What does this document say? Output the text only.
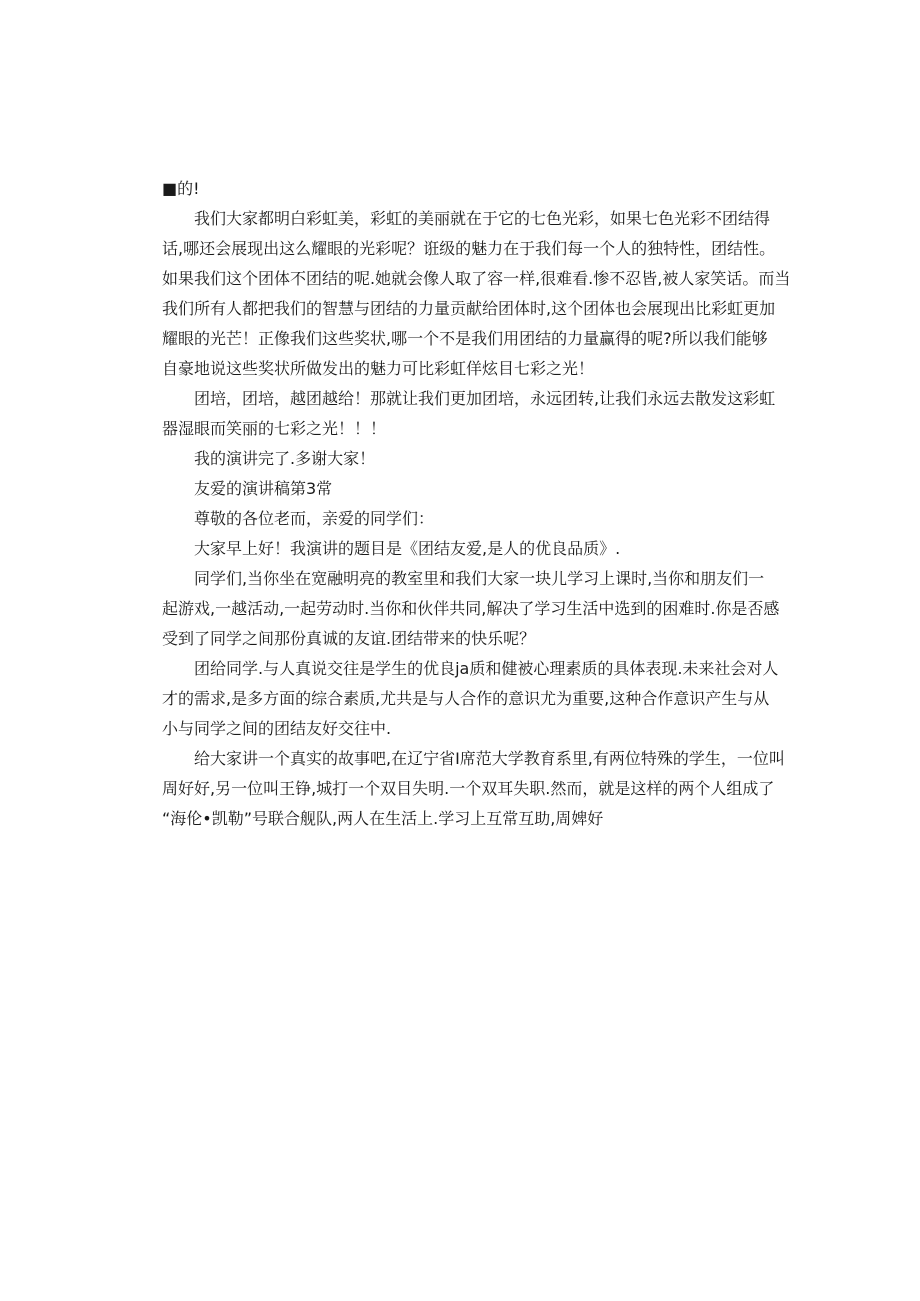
■的!

我们大家都明白彩虹美，彩虹的美丽就在于它的七色光彩，如果七色光彩不团结得

话,哪还会展现出这么耀眼的光彩呢？诳级的魅力在于我们每一个人的独特性，团结性。

如果我们这个团体不团结的呢.她就会像人取了容一样,很难看.惨不忍皆,被人家笑话。而当

我们所有人都把我们的智慧与团结的力量贡献给团体时,这个团体也会展现出比彩虹更加

耀眼的光芒！正像我们这些奖状,哪一个不是我们用团结的力量赢得的呢?所以我们能够

自豪地说这些奖状所做发出的魅力可比彩虹佯炫目七彩之光！

团培，团培，越团越给！那就让我们更加团培，永远团转,让我们永远去散发这彩虹

器湿眼而笑丽的七彩之光！！！

我的演讲完了.多谢大家！

友爱的演讲稿第3常

尊敬的各位老而，亲爱的同学们：

大家早上好！我演讲的题目是《团结友爱,是人的优良品质》.

同学们,当你坐在宽融明亮的教室里和我们大家一块儿学习上课时,当你和朋友们一

起游戏,一越活动,一起劳动时.当你和伙伴共同,解决了学习生活中选到的困难时.你是否感

受到了同学之间那份真诚的友谊.团结带来的快乐呢？

团给同学.与人真说交往是学生的优良ja质和健被心理素质的具体表现.未来社会对人

才的需求,是多方面的综合素质,尤共是与人合作的意识尤为重要,这种合作意识产生与从

小与同学之间的团结友好交往中.

给大家讲一个真实的故事吧,在辽宁省I席范大学教育系里,有两位特殊的学生，一位叫

周好好,另一位叫王铮,城打一个双目失明.一个双耳失职.然而，就是这样的两个人组成了

“海伦•凯勒”号联合舰队,两人在生活上.学习上互常互助,周婢好
